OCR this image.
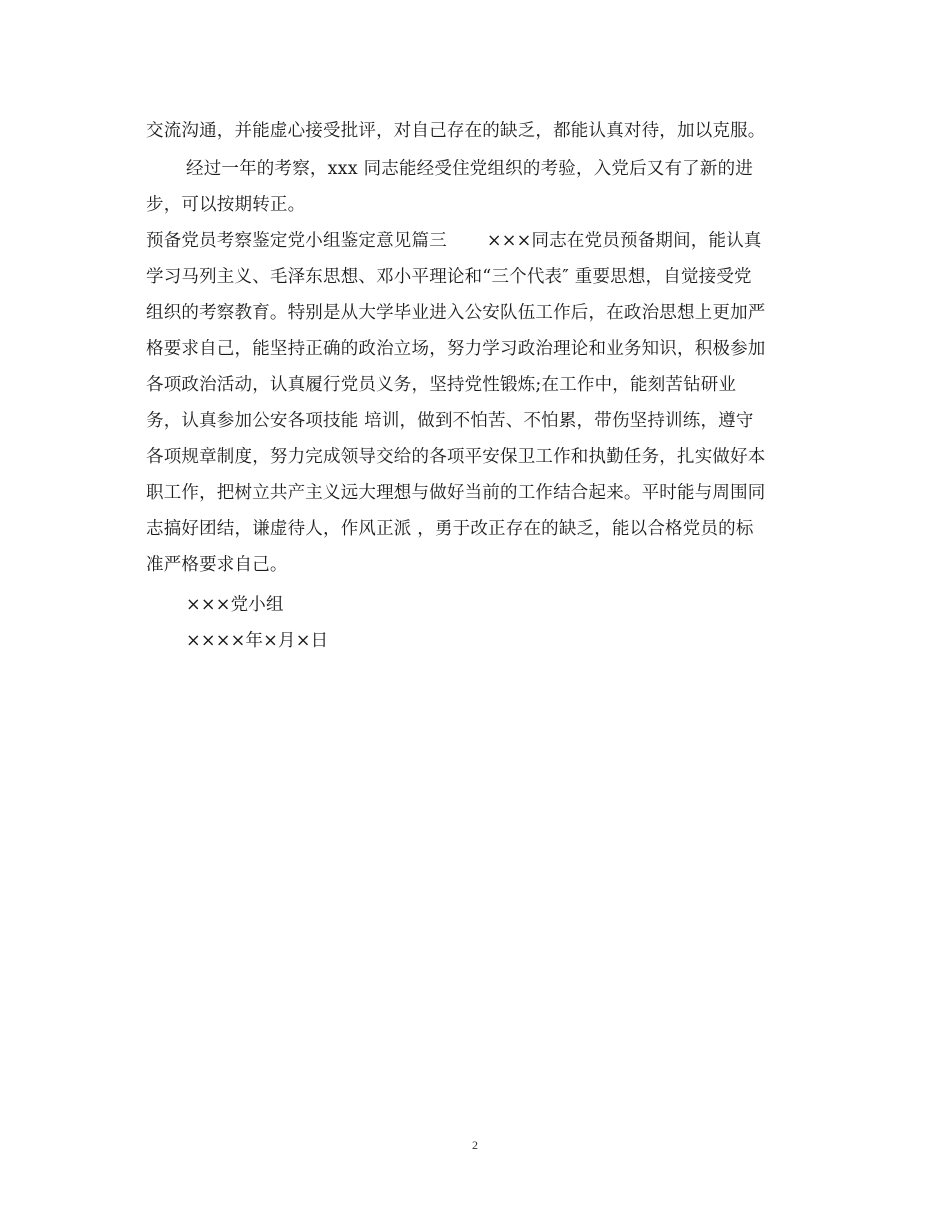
交流沟通，并能虚心接受批评，对自己存在的缺乏，都能认真对待，加以克服。
经过一年的考察，xxx 同志能经受住党组织的考验，入党后又有了新的进
步，可以按期转正。
预备党员考察鉴定党小组鉴定意见篇三 ×××同志在党员预备期间，能认真
学习马列主义、毛泽东思想、邓小平理论和“三个代表″ 重要思想，自觉接受党
组织的考察教育。特别是从大学毕业进入公安队伍工作后，在政治思想上更加严
格要求自己，能坚持正确的政治立场，努力学习政治理论和业务知识，积极参加
各项政治活动，认真履行党员义务，坚持党性锻炼;在工作中，能刻苦钻研业
务，认真参加公安各项技能 培训，做到不怕苦、不怕累，带伤坚持训练，遵守
各项规章制度，努力完成领导交给的各项平安保卫工作和执勤任务，扎实做好本
职工作，把树立共产主义远大理想与做好当前的工作结合起来。平时能与周围同
志搞好团结，谦虚待人，作风正派 ，勇于改正存在的缺乏，能以合格党员的标
准严格要求自己。
×××党小组
××××年×月×日
2
